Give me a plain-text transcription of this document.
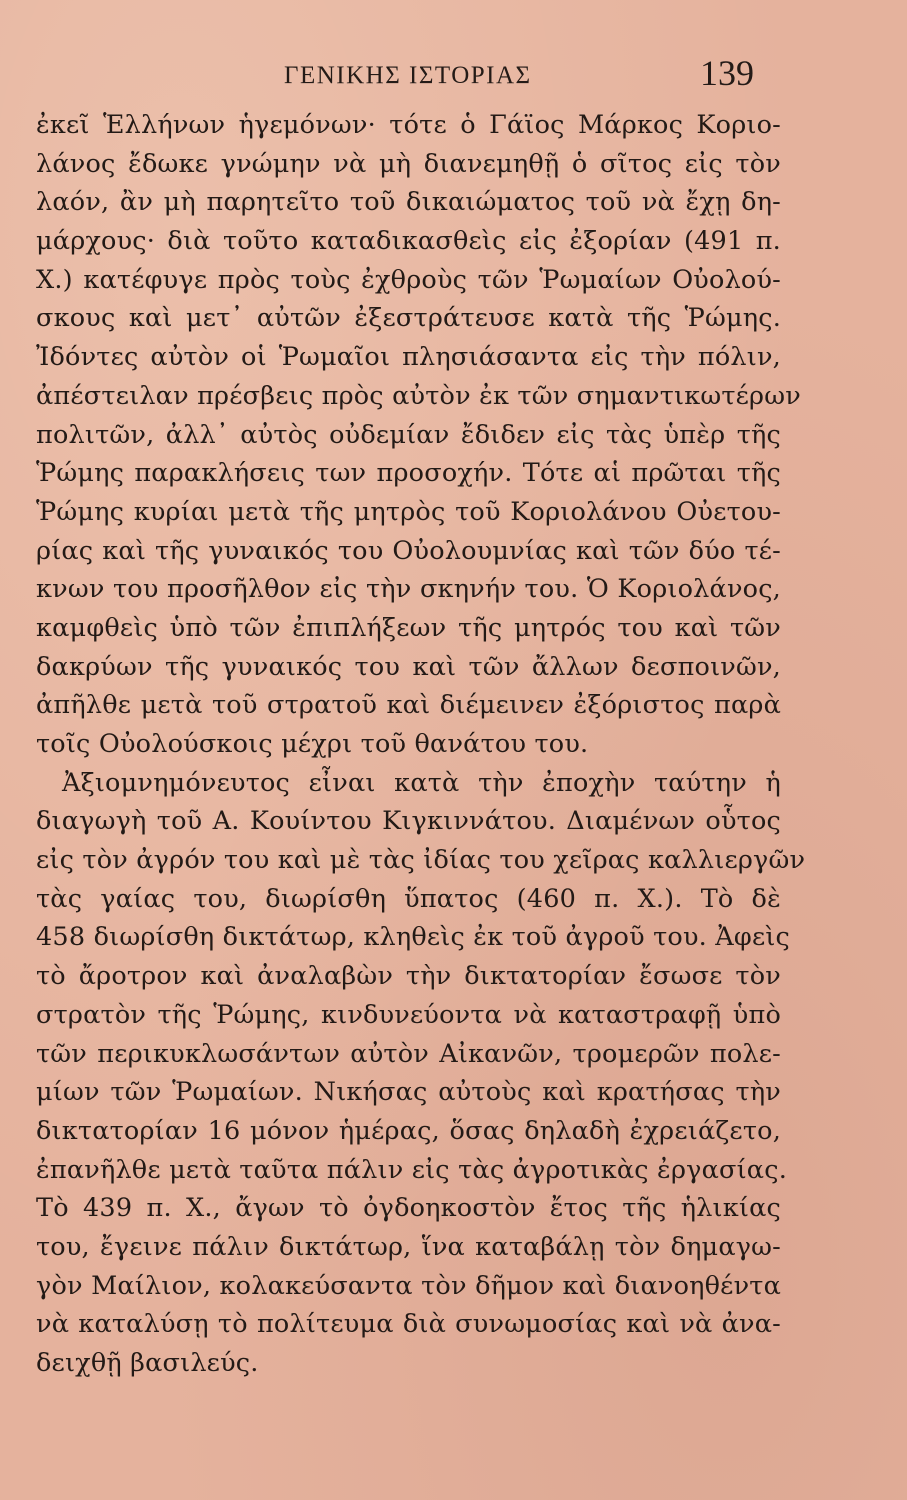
ΓΕΝΙΚΗΣ ΙΣΤΟΡΙΑΣ	139
ἐκεῖ Ἑλλήνων ἡγεμόνων· τότε ὁ Γάϊος Μάρκος Κοριο-
λάνος ἔδωκε γνώμην νὰ μὴ διανεμηθῇ ὁ σῖτος εἰς τὸν
λαόν, ἂν μὴ παρητεῖτο τοῦ δικαιώματος τοῦ νὰ ἔχῃ δη-
μάρχους· διὰ τοῦτο καταδικασθεὶς εἰς ἐξορίαν (491 π.
Χ.) κατέφυγε πρὸς τοὺς ἐχθροὺς τῶν Ῥωμαίων Οὐολού-
σκους καὶ μετ᾽ αὐτῶν ἐξεστράτευσε κατὰ τῆς Ῥώμης.
Ἰδόντες αὐτὸν οἱ Ῥωμαῖοι πλησιάσαντα εἰς τὴν πόλιν,
ἀπέστειλαν πρέσβεις πρὸς αὐτὸν ἐκ τῶν σημαντικωτέρων
πολιτῶν, ἀλλ᾽ αὐτὸς οὐδεμίαν ἔδιδεν εἰς τὰς ὑπὲρ τῆς
Ῥώμης παρακλήσεις των προσοχήν. Τότε αἱ πρῶται τῆς
Ῥώμης κυρίαι μετὰ τῆς μητρὸς τοῦ Κοριολάνου Οὐετου-
ρίας καὶ τῆς γυναικός του Οὐολουμνίας καὶ τῶν δύο τέ-
κνων του προσῆλθον εἰς τὴν σκηνήν του. Ὁ Κοριολάνος,
καμφθεὶς ὑπὸ τῶν ἐπιπλήξεων τῆς μητρός του καὶ τῶν
δακρύων τῆς γυναικός του καὶ τῶν ἄλλων δεσποινῶν,
ἀπῆλθε μετὰ τοῦ στρατοῦ καὶ διέμεινεν ἐξόριστος παρὰ
τοῖς Οὐολούσκοις μέχρι τοῦ θανάτου του.
Ἀξιομνημόνευτος εἶναι κατὰ τὴν ἐποχὴν ταύτην ἡ
διαγωγὴ τοῦ Α. Κουίντου Κιγκιννάτου. Διαμένων οὗτος
εἰς τὸν ἀγρόν του καὶ μὲ τὰς ἰδίας του χεῖρας καλλιεργῶν
τὰς γαίας του, διωρίσθη ὕπατος (460 π. Χ.). Τὸ δὲ
458 διωρίσθη δικτάτωρ, κληθεὶς ἐκ τοῦ ἀγροῦ του. Ἀφεὶς
τὸ ἄροτρον καὶ ἀναλαβὼν τὴν δικτατορίαν ἔσωσε τὸν
στρατὸν τῆς Ῥώμης, κινδυνεύοντα νὰ καταστραφῇ ὑπὸ
τῶν περικυκλωσάντων αὐτὸν Αἰκανῶν, τρομερῶν πολε-
μίων τῶν Ῥωμαίων. Νικήσας αὐτοὺς καὶ κρατήσας τὴν
δικτατορίαν 16 μόνον ἡμέρας, ὅσας δηλαδὴ ἐχρειάζετο,
ἐπανῆλθε μετὰ ταῦτα πάλιν εἰς τὰς ἀγροτικὰς ἐργασίας.
Τὸ 439 π. Χ., ἄγων τὸ ὀγδοηκοστὸν ἔτος τῆς ἡλικίας
του, ἔγεινε πάλιν δικτάτωρ, ἵνα καταβάλῃ τὸν δημαγω-
γὸν Μαίλιον, κολακεύσαντα τὸν δῆμον καὶ διανοηθέντα
νὰ καταλύσῃ τὸ πολίτευμα διὰ συνωμοσίας καὶ νὰ ἀνα-
δειχθῇ βασιλεύς.
